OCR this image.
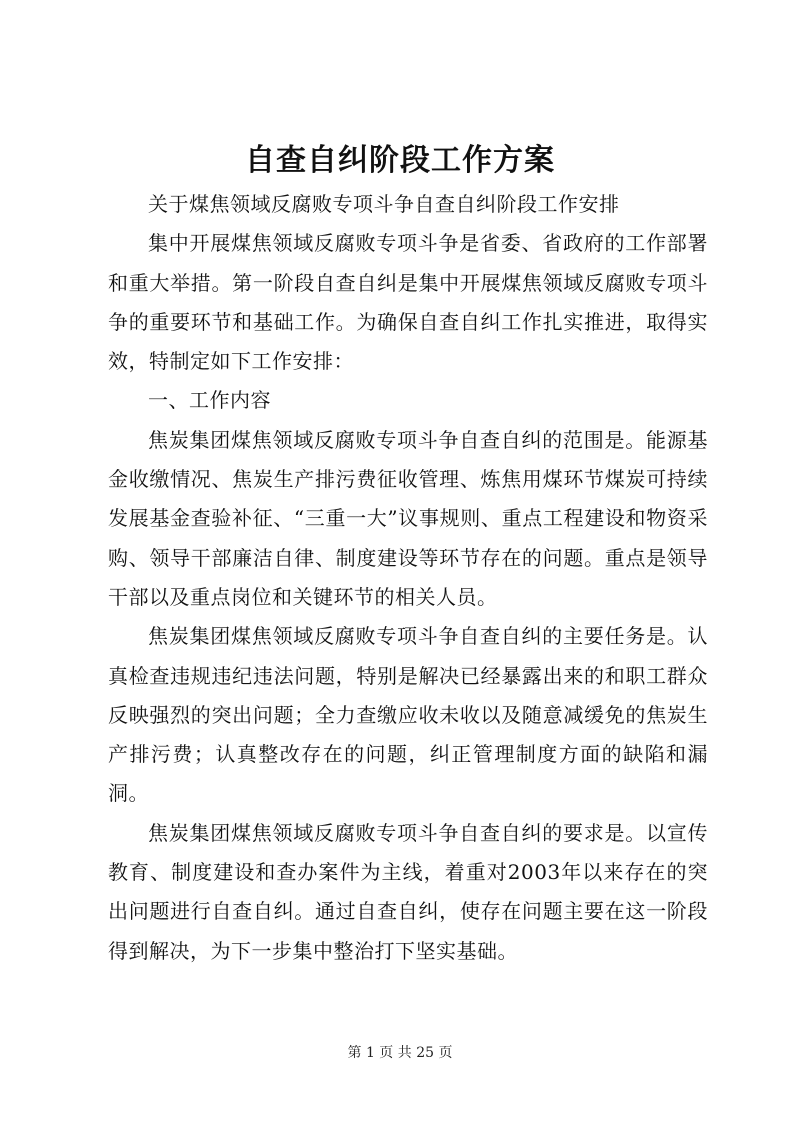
自查自纠阶段工作方案

关于煤焦领域反腐败专项斗争自查自纠阶段工作安排

集中开展煤焦领域反腐败专项斗争是省委、省政府的工作部署和重大举措。第一阶段自查自纠是集中开展煤焦领域反腐败专项斗争的重要环节和基础工作。为确保自查自纠工作扎实推进，取得实效，特制定如下工作安排：

一、工作内容

焦炭集团煤焦领域反腐败专项斗争自查自纠的范围是。能源基金收缴情况、焦炭生产排污费征收管理、炼焦用煤环节煤炭可持续发展基金查验补征、“三重一大”议事规则、重点工程建设和物资采购、领导干部廉洁自律、制度建设等环节存在的问题。重点是领导干部以及重点岗位和关键环节的相关人员。

焦炭集团煤焦领域反腐败专项斗争自查自纠的主要任务是。认真检查违规违纪违法问题，特别是解决已经暴露出来的和职工群众反映强烈的突出问题；全力查缴应收未收以及随意减缓免的焦炭生产排污费；认真整改存在的问题，纠正管理制度方面的缺陷和漏洞。

焦炭集团煤焦领域反腐败专项斗争自查自纠的要求是。以宣传教育、制度建设和查办案件为主线，着重对2003年以来存在的突出问题进行自查自纠。通过自查自纠，使存在问题主要在这一阶段得到解决，为下一步集中整治打下坚实基础。

第 1 页 共 25 页
